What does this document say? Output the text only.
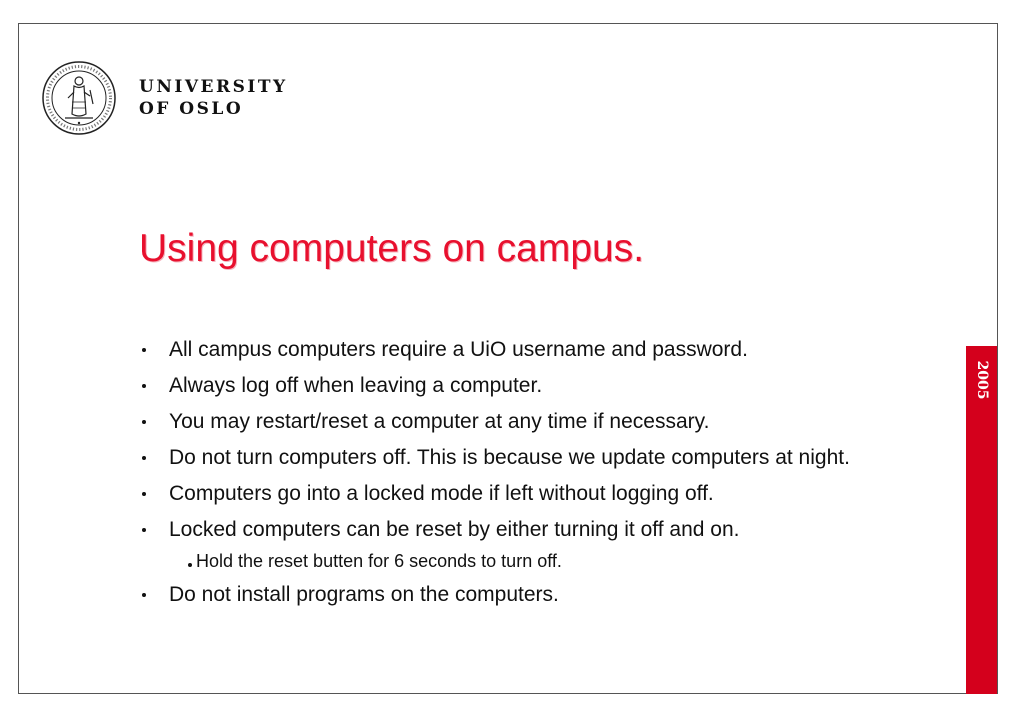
UNIVERSITY
OF OSLO
Using computers on campus.
All campus computers require a UiO username and password.
Always log off when leaving a computer.
You may restart/reset a computer at any time if necessary.
Do not turn computers off. This is because we update computers at night.
Computers go into a locked mode if left without logging off.
Locked computers can be reset by either turning it off and on.
Hold the reset butten for 6 seconds to turn off.
Do not install programs on the computers.
2005
